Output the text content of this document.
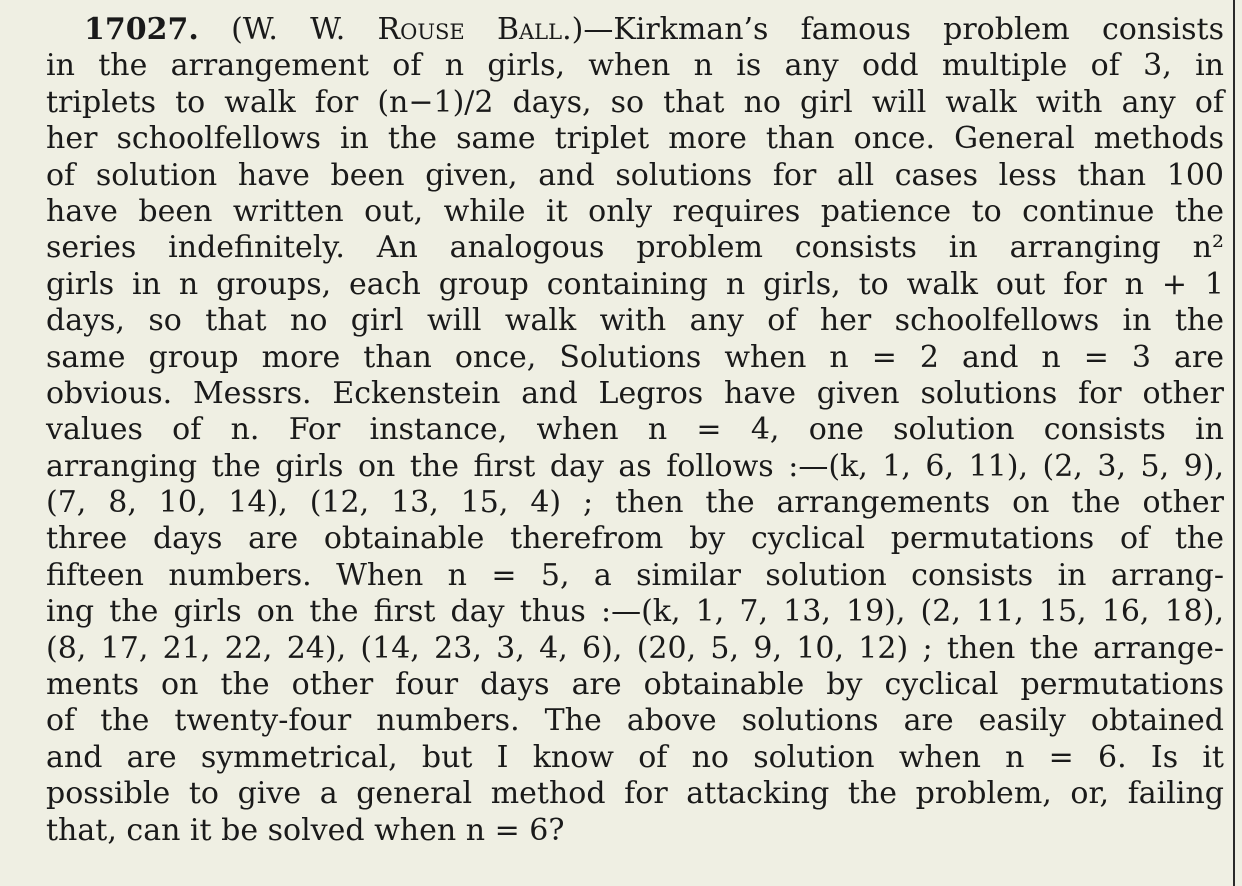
17027. (W. W. Rouse Ball.)—Kirkman’s famous problem consists
in the arrangement of n girls, when n is any odd multiple of 3, in
triplets to walk for (n−1)/2 days, so that no girl will walk with any of
her schoolfellows in the same triplet more than once. General methods
of solution have been given, and solutions for all cases less than 100
have been written out, while it only requires patience to continue the
series indefinitely. An analogous problem consists in arranging n²
girls in n groups, each group containing n girls, to walk out for n + 1
days, so that no girl will walk with any of her schoolfellows in the
same group more than once, Solutions when n = 2 and n = 3 are
obvious. Messrs. Eckenstein and Legros have given solutions for other
values of n. For instance, when n = 4, one solution consists in
arranging the girls on the first day as follows :—(k, 1, 6, 11), (2, 3, 5, 9),
(7, 8, 10, 14), (12, 13, 15, 4) ; then the arrangements on the other
three days are obtainable therefrom by cyclical permutations of the
fifteen numbers. When n = 5, a similar solution consists in arrang-
ing the girls on the first day thus :—(k, 1, 7, 13, 19), (2, 11, 15, 16, 18),
(8, 17, 21, 22, 24), (14, 23, 3, 4, 6), (20, 5, 9, 10, 12) ; then the arrange-
ments on the other four days are obtainable by cyclical permutations
of the twenty-four numbers. The above solutions are easily obtained
and are symmetrical, but I know of no solution when n = 6. Is it
possible to give a general method for attacking the problem, or, failing
that, can it be solved when n = 6?
